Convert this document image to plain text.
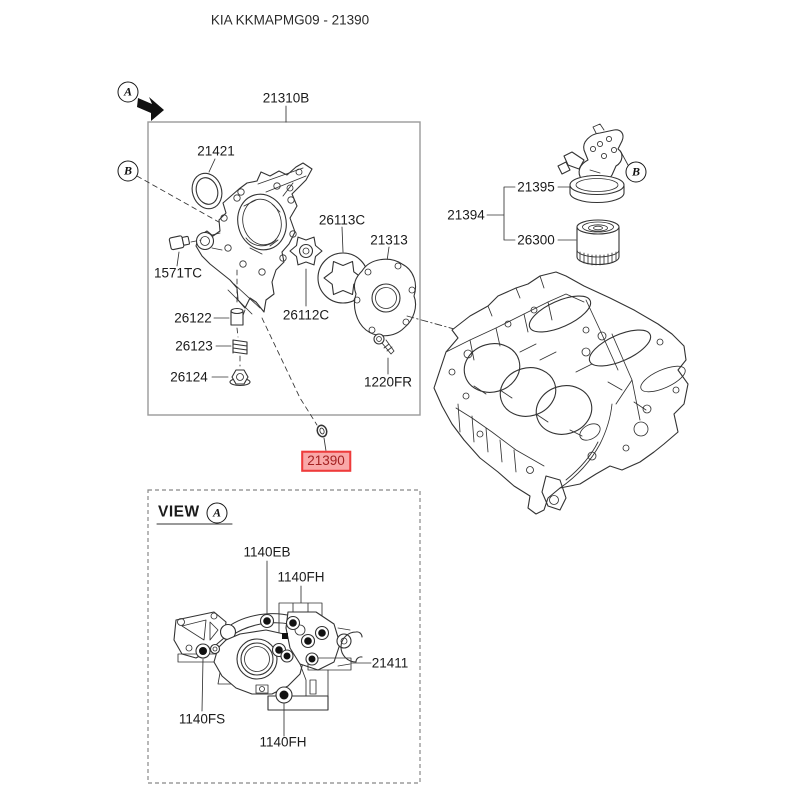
KIA KKMAPMG09 - 21390
A
B	B
21310B
21421
26113C
21313
1571TC
26122	26112C
26123
26124	1220FR
21390
21395
21394
26300
VIEW	A
1140EB
1140FH
21411
1140FS
1140FH
